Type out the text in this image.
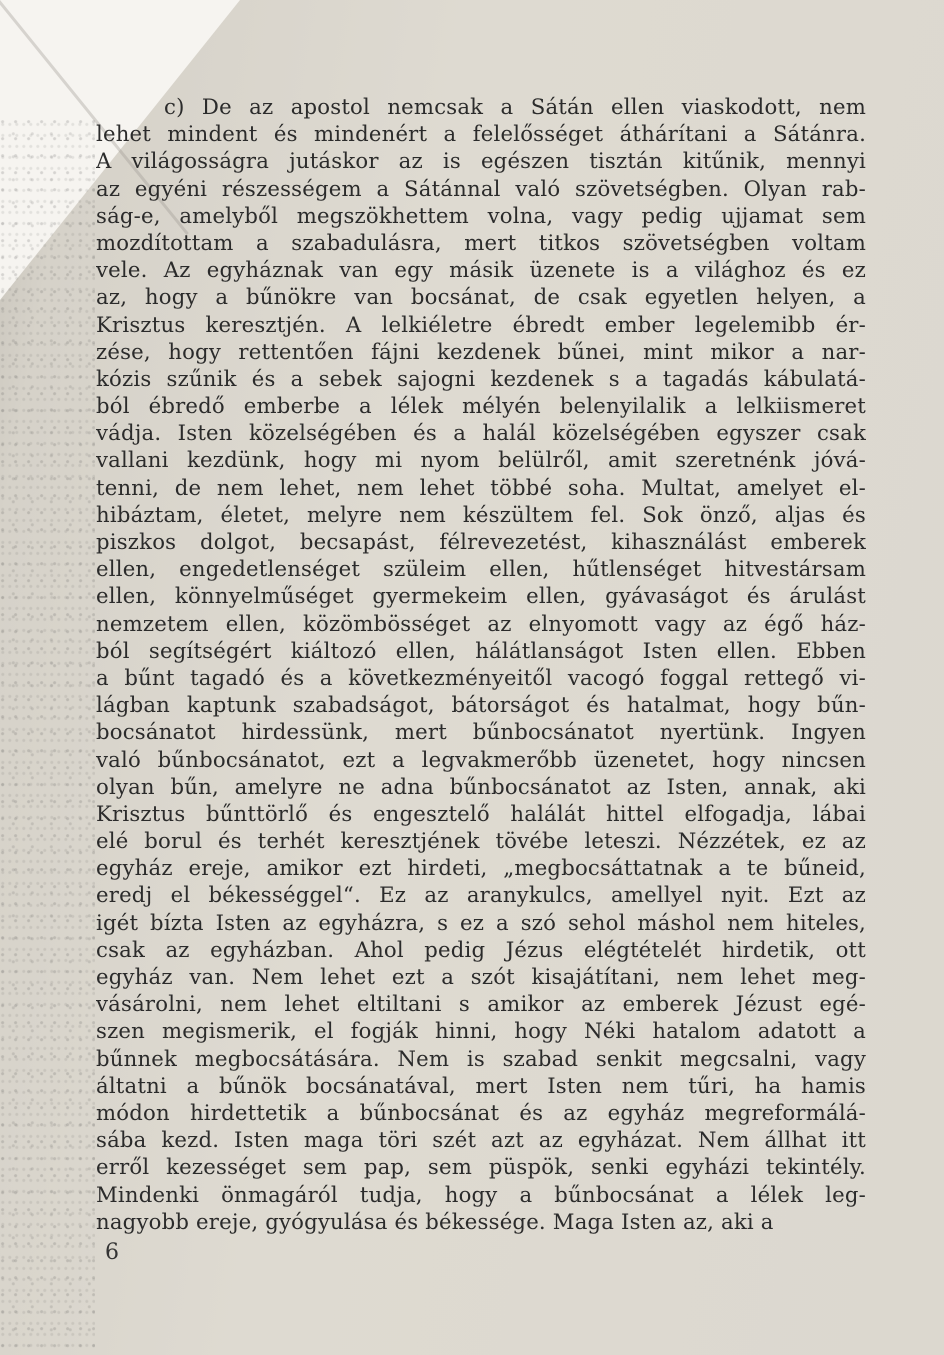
c) De az apostol nemcsak a Sátán ellen viaskodott, nem
lehet mindent és mindenért a felelősséget áthárítani a Sátánra.
A világosságra jutáskor az is egészen tisztán kitűnik, mennyi
az egyéni részességem a Sátánnal való szövetségben. Olyan rab-
ság-e, amelyből megszökhettem volna, vagy pedig ujjamat sem
mozdítottam a szabadulásra, mert titkos szövetségben voltam
vele. Az egyháznak van egy másik üzenete is a világhoz és ez
az, hogy a bűnökre van bocsánat, de csak egyetlen helyen, a
Krisztus keresztjén. A lelkiéletre ébredt ember legelemibb ér-
zése, hogy rettentően fájni kezdenek bűnei, mint mikor a nar-
kózis szűnik és a sebek sajogni kezdenek s a tagadás kábulatá-
ból ébredő emberbe a lélek mélyén belenyilalik a lelkiismeret
vádja. Isten közelségében és a halál közelségében egyszer csak
vallani kezdünk, hogy mi nyom belülről, amit szeretnénk jóvá-
tenni, de nem lehet, nem lehet többé soha. Multat, amelyet el-
hibáztam, életet, melyre nem készültem fel. Sok önző, aljas és
piszkos dolgot, becsapást, félrevezetést, kihasználást emberek
ellen, engedetlenséget szüleim ellen, hűtlenséget hitvestársam
ellen, könnyelműséget gyermekeim ellen, gyávaságot és árulást
nemzetem ellen, közömbösséget az elnyomott vagy az égő ház-
ból segítségért kiáltozó ellen, hálátlanságot Isten ellen. Ebben
a bűnt tagadó és a következményeitől vacogó foggal rettegő vi-
lágban kaptunk szabadságot, bátorságot és hatalmat, hogy bűn-
bocsánatot hirdessünk, mert bűnbocsánatot nyertünk. Ingyen
való bűnbocsánatot, ezt a legvakmerőbb üzenetet, hogy nincsen
olyan bűn, amelyre ne adna bűnbocsánatot az Isten, annak, aki
Krisztus bűnttörlő és engesztelő halálát hittel elfogadja, lábai
elé borul és terhét keresztjének tövébe leteszi. Nézzétek, ez az
egyház ereje, amikor ezt hirdeti, „megbocsáttatnak a te bűneid,
eredj el békességgel“. Ez az aranykulcs, amellyel nyit. Ezt az
igét bízta Isten az egyházra, s ez a szó sehol máshol nem hiteles,
csak az egyházban. Ahol pedig Jézus elégtételét hirdetik, ott
egyház van. Nem lehet ezt a szót kisajátítani, nem lehet meg-
vásárolni, nem lehet eltiltani s amikor az emberek Jézust egé-
szen megismerik, el fogják hinni, hogy Néki hatalom adatott a
bűnnek megbocsátására. Nem is szabad senkit megcsalni, vagy
áltatni a bűnök bocsánatával, mert Isten nem tűri, ha hamis
módon hirdettetik a bűnbocsánat és az egyház megreformálá-
sába kezd. Isten maga töri szét azt az egyházat. Nem állhat itt
erről kezességet sem pap, sem püspök, senki egyházi tekintély.
Mindenki önmagáról tudja, hogy a bűnbocsánat a lélek leg-
nagyobb ereje, gyógyulása és békessége. Maga Isten az, aki a
6
